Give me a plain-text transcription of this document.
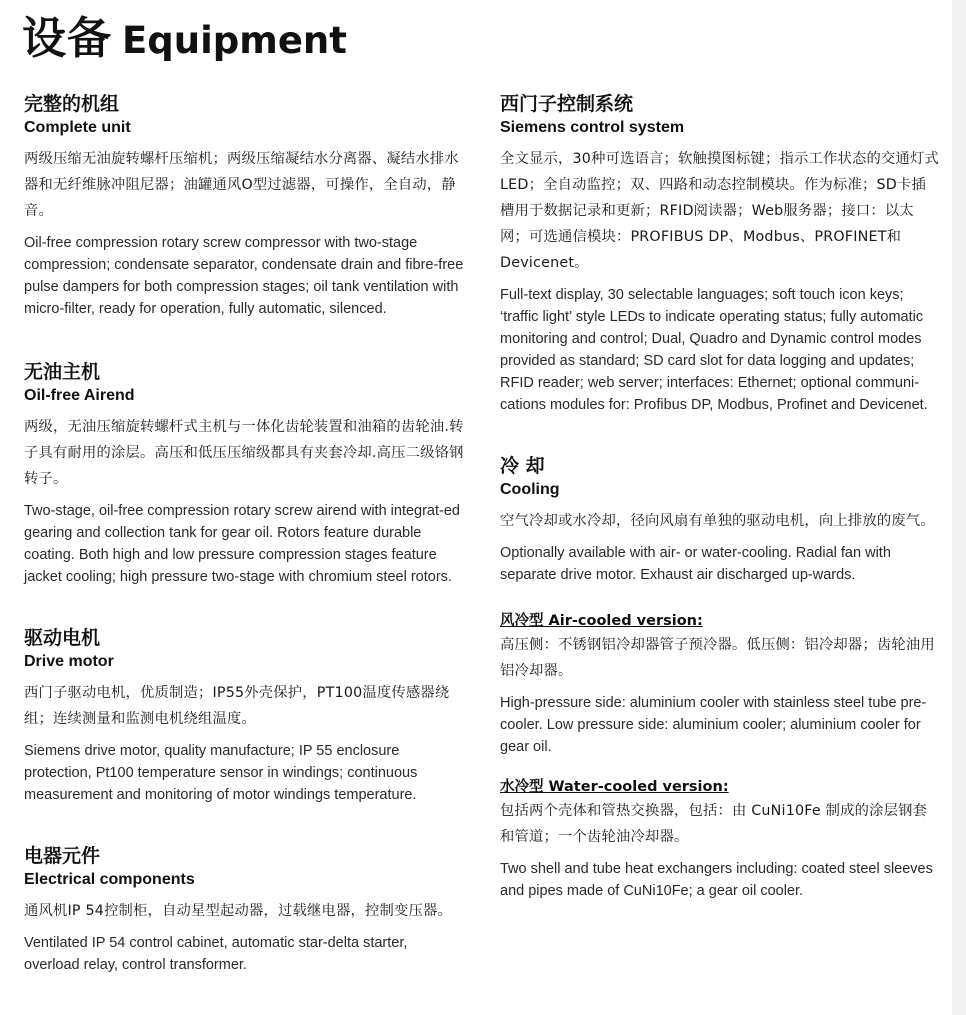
设备 Equipment
完整的机组
Complete unit

两级压缩无油旋转螺杆压缩机；两级压缩凝结水分离器、凝结水排水器和无纤维脉冲阻尼器；油罐通风O型过滤器，可操作，全自动，静音。

Oil-free compression rotary screw compressor with two-stage compression; condensate separator, condensate drain and fibre-free pulse dampers for both compression stages; oil tank ventilation with micro-filter, ready for operation, fully automatic, silenced.

无油主机
Oil-free Airend

两级，无油压缩旋转螺杆式主机与一体化齿轮装置和油箱的齿轮油.转子具有耐用的涂层。高压和低压压缩级都具有夹套冷却.高压二级铬钢转子。

Two-stage, oil-free compression rotary screw airend with integrat-ed gearing and collection tank for gear oil. Rotors feature durable coating. Both high and low pressure compression stages feature jacket cooling; high pressure two-stage with chromium steel rotors.

驱动电机
Drive motor

西门子驱动电机，优质制造；IP55外壳保护，PT100温度传感器绕组；连续测量和监测电机绕组温度。

Siemens drive motor, quality manufacture; IP 55 enclosure protection, Pt100 temperature sensor in windings; continuous measurement and monitoring of motor windings temperature.

电器元件
Electrical components

通风机IP 54控制柜，自动星型起动器，过载继电器，控制变压器。

Ventilated IP 54 control cabinet, automatic star-delta starter, overload relay, control transformer.

西门子控制系统
Siemens control system

全文显示，30种可选语言；软触摸图标键；指示工作状态的交通灯式LED；全自动监控；双、四路和动态控制模块。作为标准；SD卡插槽用于数据记录和更新；RFID阅读器；Web服务器；接口：以太网；可选通信模块：PROFIBUS DP、Modbus、PROFINET和Devicenet。

Full-text display, 30 selectable languages; soft touch icon keys; ‘traffic light’ style LEDs to indicate operating status; fully automatic monitoring and control; Dual, Quadro and Dynamic control modes provided as standard; SD card slot for data logging and updates; RFID reader; web server; interfaces: Ethernet; optional communi-cations modules for: Profibus DP, Modbus, Profinet and Devicenet.

冷 却
Cooling

空气冷却或水冷却，径向风扇有单独的驱动电机，向上排放的废气。

Optionally available with air- or water-cooling. Radial fan with separate drive motor. Exhaust air discharged up-wards.

风冷型 Air-cooled version:

高压侧：不锈钢铝冷却器管子预冷器。低压侧：铝冷却器；齿轮油用铝冷却器。

High-pressure side: aluminium cooler with stainless steel tube pre-cooler. Low pressure side: aluminium cooler; aluminium cooler for gear oil.

水冷型 Water-cooled version:

包括两个壳体和管热交换器，包括：由 CuNi10Fe 制成的涂层钢套和管道；一个齿轮油冷却器。

Two shell and tube heat exchangers including: coated steel sleeves and pipes made of CuNi10Fe; a gear oil cooler.
